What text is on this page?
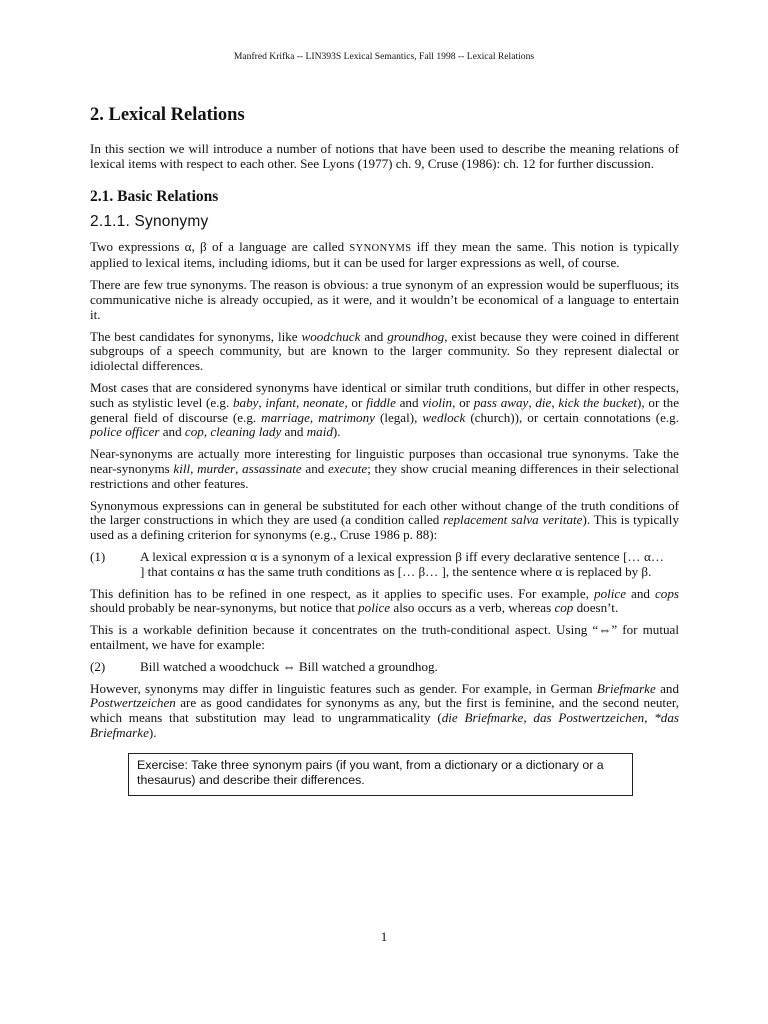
Manfred Krifka -- LIN393S Lexical Semantics, Fall 1998 -- Lexical Relations
2. Lexical Relations

In this section we will introduce a number of notions that have been used to describe the meaning relations of lexical items with respect to each other. See Lyons (1977) ch. 9, Cruse (1986): ch. 12 for further discussion.

2.1. Basic Relations
2.1.1. Synonymy

Two expressions α, β of a language are called SYNONYMS iff they mean the same. This notion is typically applied to lexical items, including idioms, but it can be used for larger expressions as well, of course.

There are few true synonyms. The reason is obvious: a true synonym of an expression would be superfluous; its communicative niche is already occupied, as it were, and it wouldn’t be economical of a language to entertain it.

The best candidates for synonyms, like woodchuck and groundhog, exist because they were coined in different subgroups of a speech community, but are known to the larger community. So they represent dialectal or idiolectal differences.

Most cases that are considered synonyms have identical or similar truth conditions, but differ in other respects, such as stylistic level (e.g. baby, infant, neonate, or fiddle and violin, or pass away, die, kick the bucket), or the general field of discourse (e.g. marriage, matrimony (legal), wedlock (church)), or certain connotations (e.g. police officer and cop, cleaning lady and maid).

Near-synonyms are actually more interesting for linguistic purposes than occasional true synonyms. Take the near-synonyms kill, murder, assassinate and execute; they show crucial meaning differences in their selectional restrictions and other features.

Synonymous expressions can in general be substituted for each other without change of the truth conditions of the larger constructions in which they are used (a condition called replacement salva veritate). This is typically used as a defining criterion for synonyms (e.g., Cruse 1986 p. 88):

(1)	A lexical expression α is a synonym of a lexical expression β iff every declarative sentence [… α… ] that contains α has the same truth conditions as [… β… ], the sentence where α is replaced by β.

This definition has to be refined in one respect, as it applies to specific uses. For example, police and cops should probably be near-synonyms, but notice that police also occurs as a verb, whereas cop doesn’t.

This is a workable definition because it concentrates on the truth-conditional aspect. Using “⇔” for mutual entailment, we have for example:

(2)	Bill watched a woodchuck ⇔ Bill watched a groundhog.

However, synonyms may differ in linguistic features such as gender. For example, in German Briefmarke and Postwertzeichen are as good candidates for synonyms as any, but the first is feminine, and the second neuter, which means that substitution may lead to ungrammaticality (die Briefmarke, das Postwertzeichen, *das Briefmarke).

Exercise: Take three synonym pairs (if you want, from a dictionary or a dictionary or a thesaurus) and describe their differences.
1
